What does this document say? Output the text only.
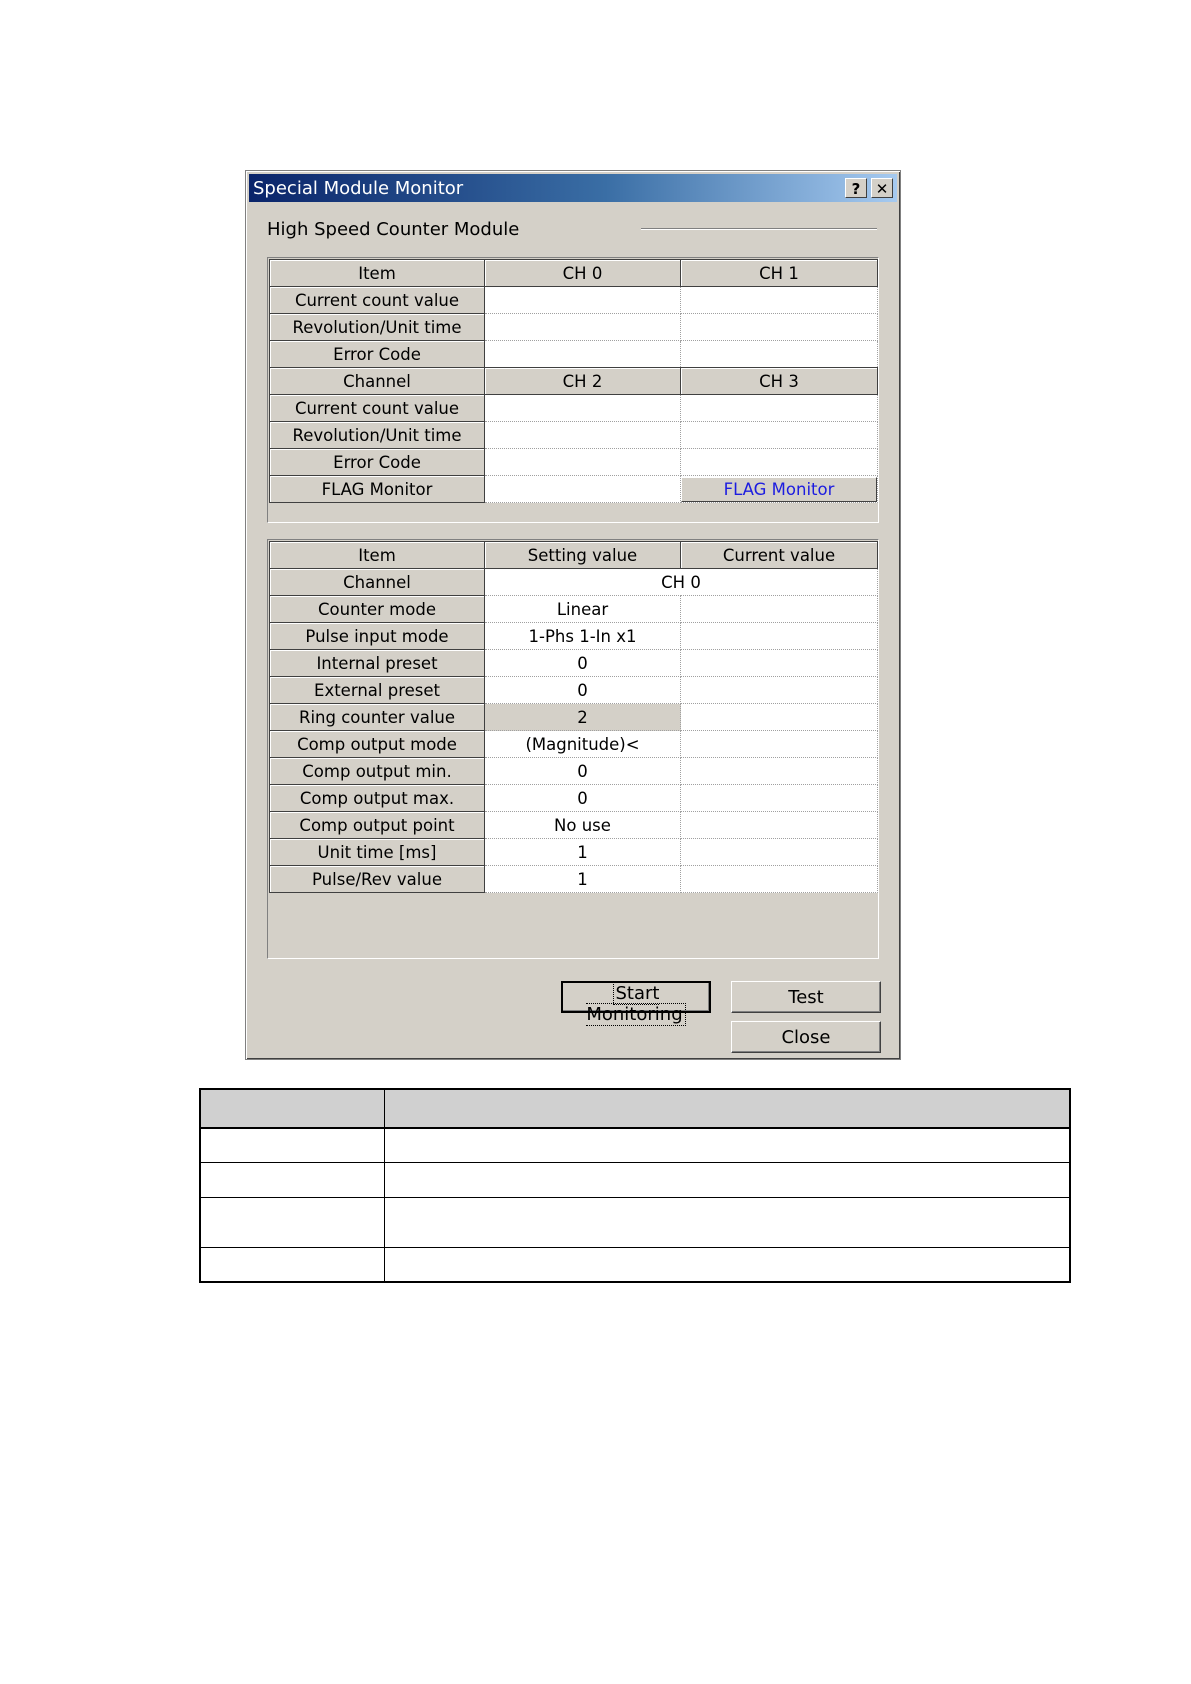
Special Module Monitor	?	✕
High Speed Counter Module
Item	CH 0	CH 1
Current count value		
Revolution/Unit time		
Error Code		
Channel	CH 2	CH 3
Current count value		
Revolution/Unit time		
Error Code		
FLAG Monitor		FLAG Monitor
Item	Setting value	Current value
Channel	CH 0	
Counter mode	Linear	
Pulse input mode	1-Phs 1-In x1	
Internal preset	0	
External preset	0	
Ring counter value	2	
Comp output mode	(Magnitude)<	
Comp output min.	0	
Comp output max.	0	
Comp output point	No use	
Unit time [ms]	1	
Pulse/Rev value	1	
Start Monitoring
Test
Close
